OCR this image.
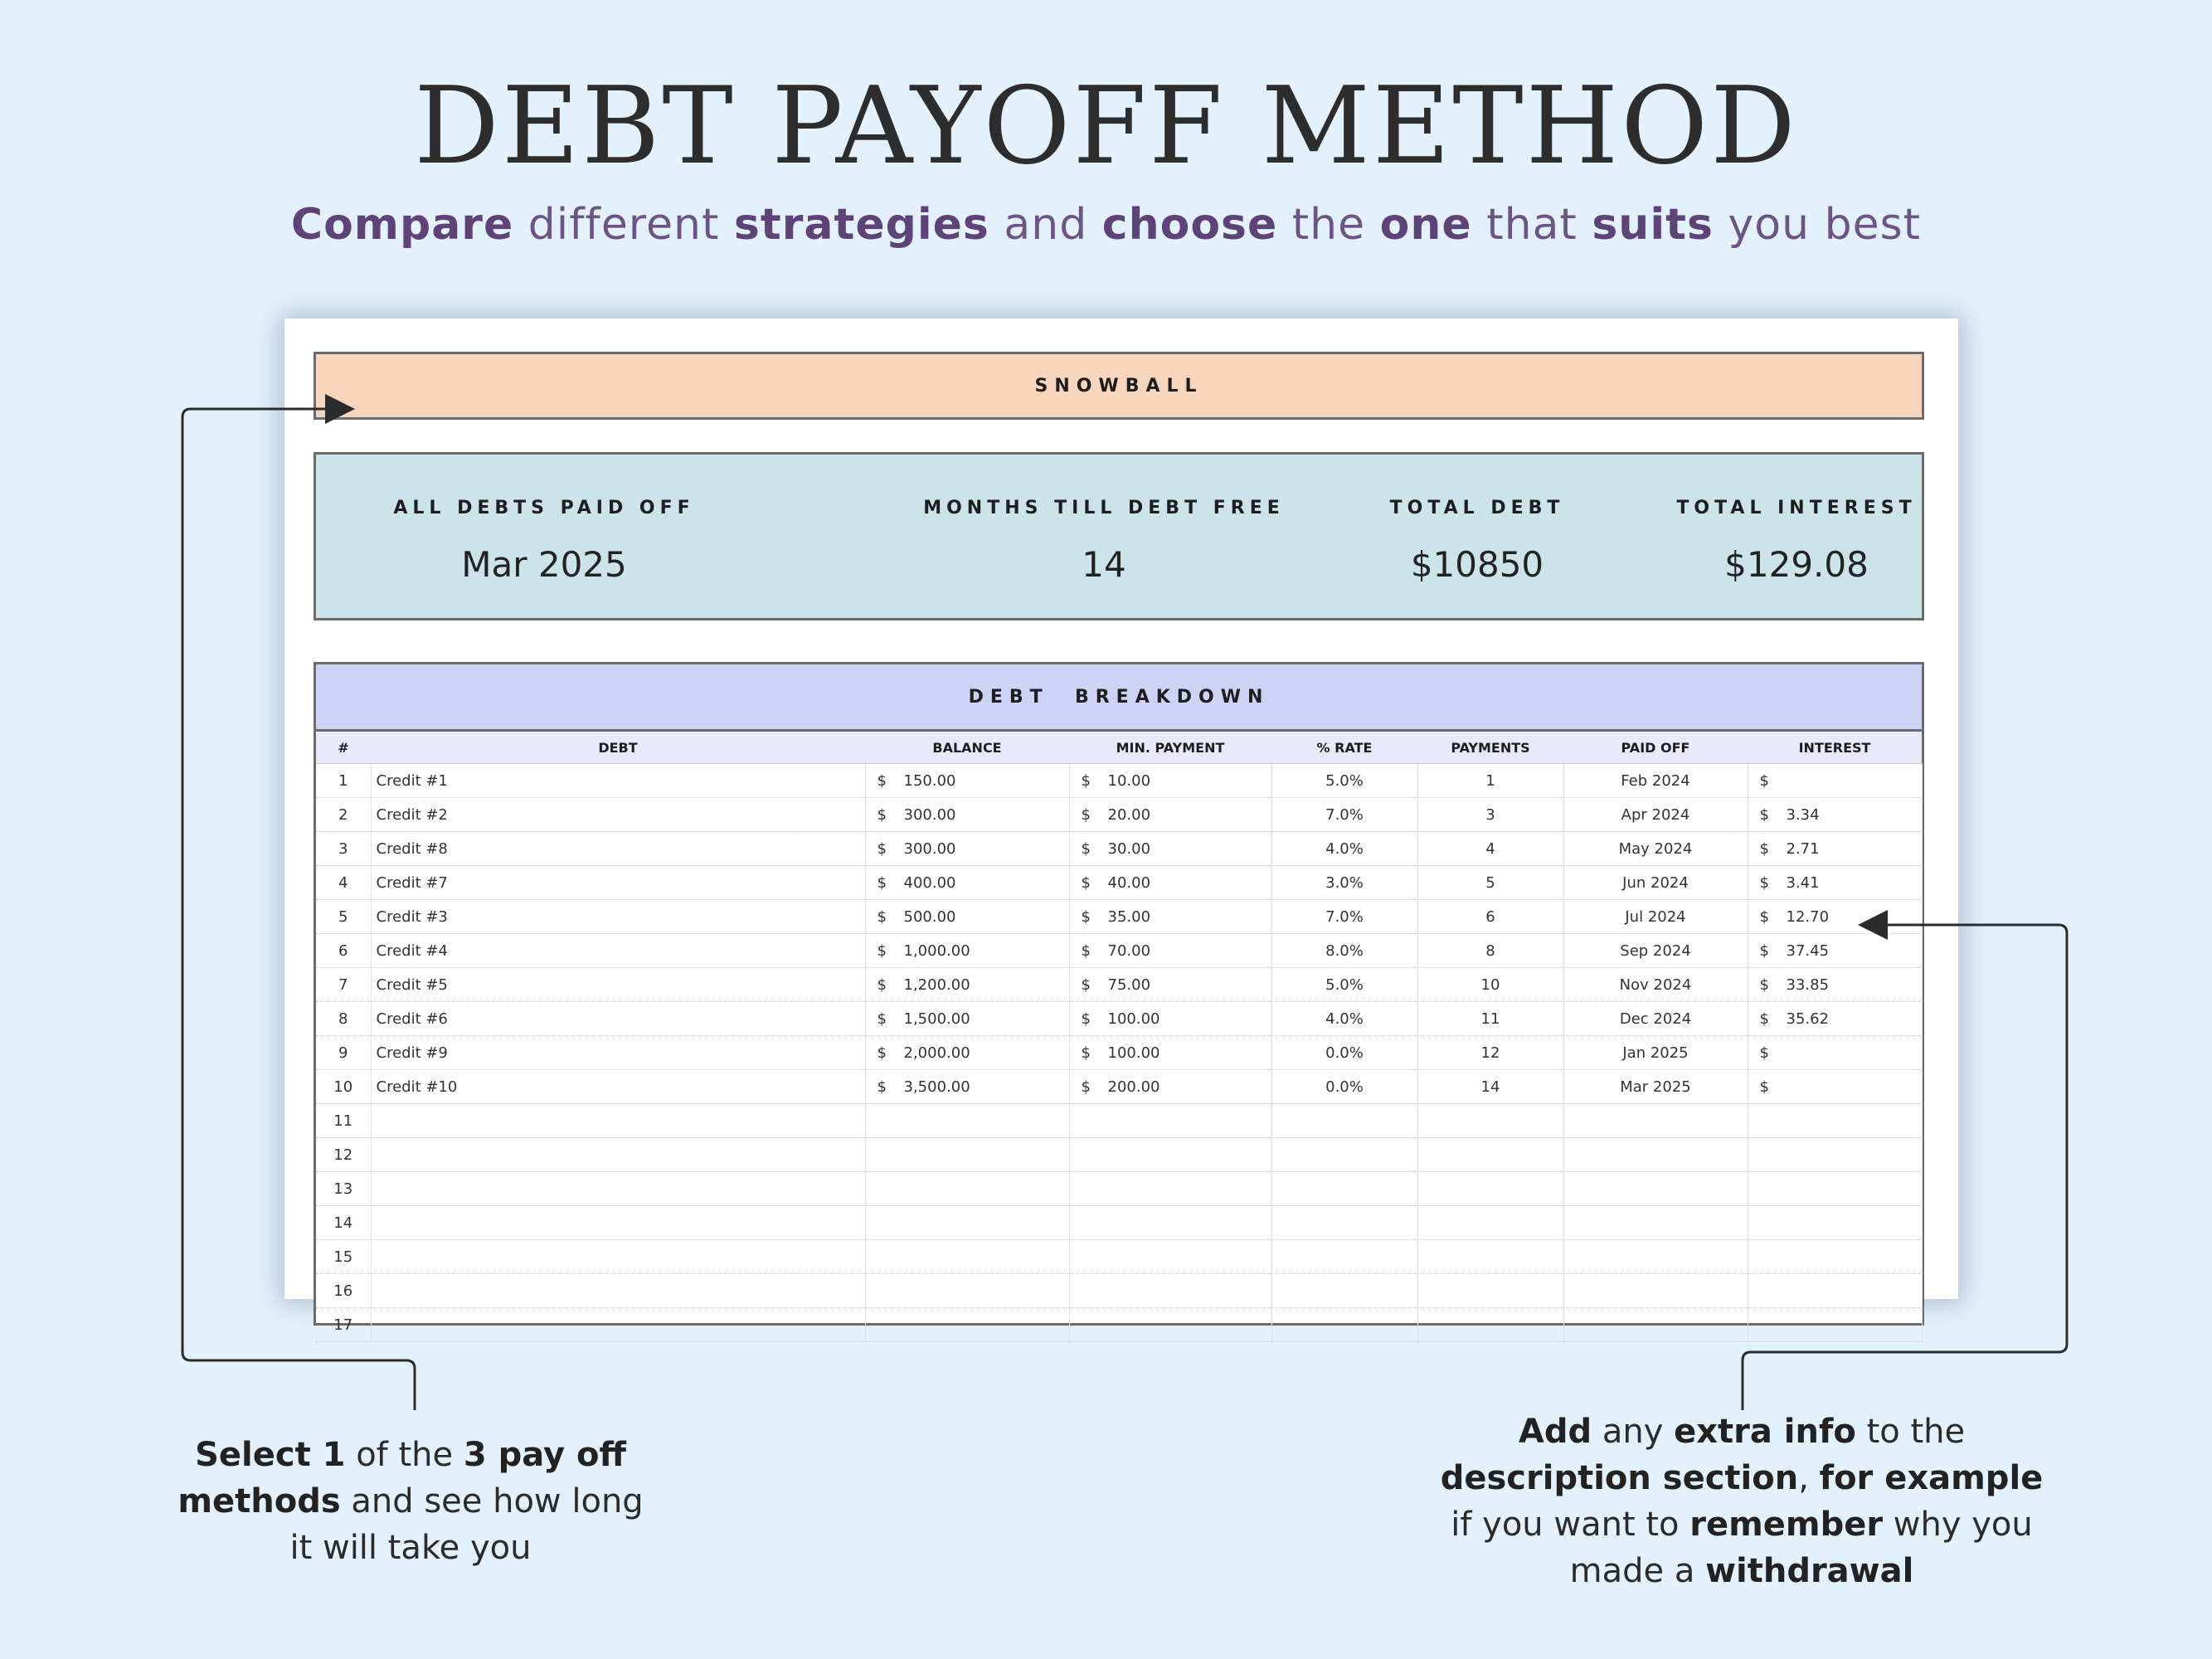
DEBT PAYOFF METHOD
Compare different strategies and choose the one that suits you best
SNOWBALL
ALL DEBTS PAID OFF
Mar 2025
MONTHS TILL DEBT FREE
14
TOTAL DEBT
$10850
TOTAL INTEREST
$129.08
DEBT  BREAKDOWN
#	DEBT	BALANCE	MIN. PAYMENT	% RATE	PAYMENTS	PAID OFF	INTEREST
1	Credit #1	$ 150.00	$ 10.00	5.0%	1	Feb 2024	$
2	Credit #2	$ 300.00	$ 20.00	7.0%	3	Apr 2024	$ 3.34
3	Credit #8	$ 300.00	$ 30.00	4.0%	4	May 2024	$ 2.71
4	Credit #7	$ 400.00	$ 40.00	3.0%	5	Jun 2024	$ 3.41
5	Credit #3	$ 500.00	$ 35.00	7.0%	6	Jul 2024	$ 12.70
6	Credit #4	$ 1,000.00	$ 70.00	8.0%	8	Sep 2024	$ 37.45
7	Credit #5	$ 1,200.00	$ 75.00	5.0%	10	Nov 2024	$ 33.85
8	Credit #6	$ 1,500.00	$ 100.00	4.0%	11	Dec 2024	$ 35.62
9	Credit #9	$ 2,000.00	$ 100.00	0.0%	12	Jan 2025	$
10	Credit #10	$ 3,500.00	$ 200.00	0.0%	14	Mar 2025	$
11							
12							
13							
14							
15							
16							
17							
Select 1 of the 3 pay off methods and see how long it will take you
Add any extra info to the description section, for example if you want to remember why you made a withdrawal
